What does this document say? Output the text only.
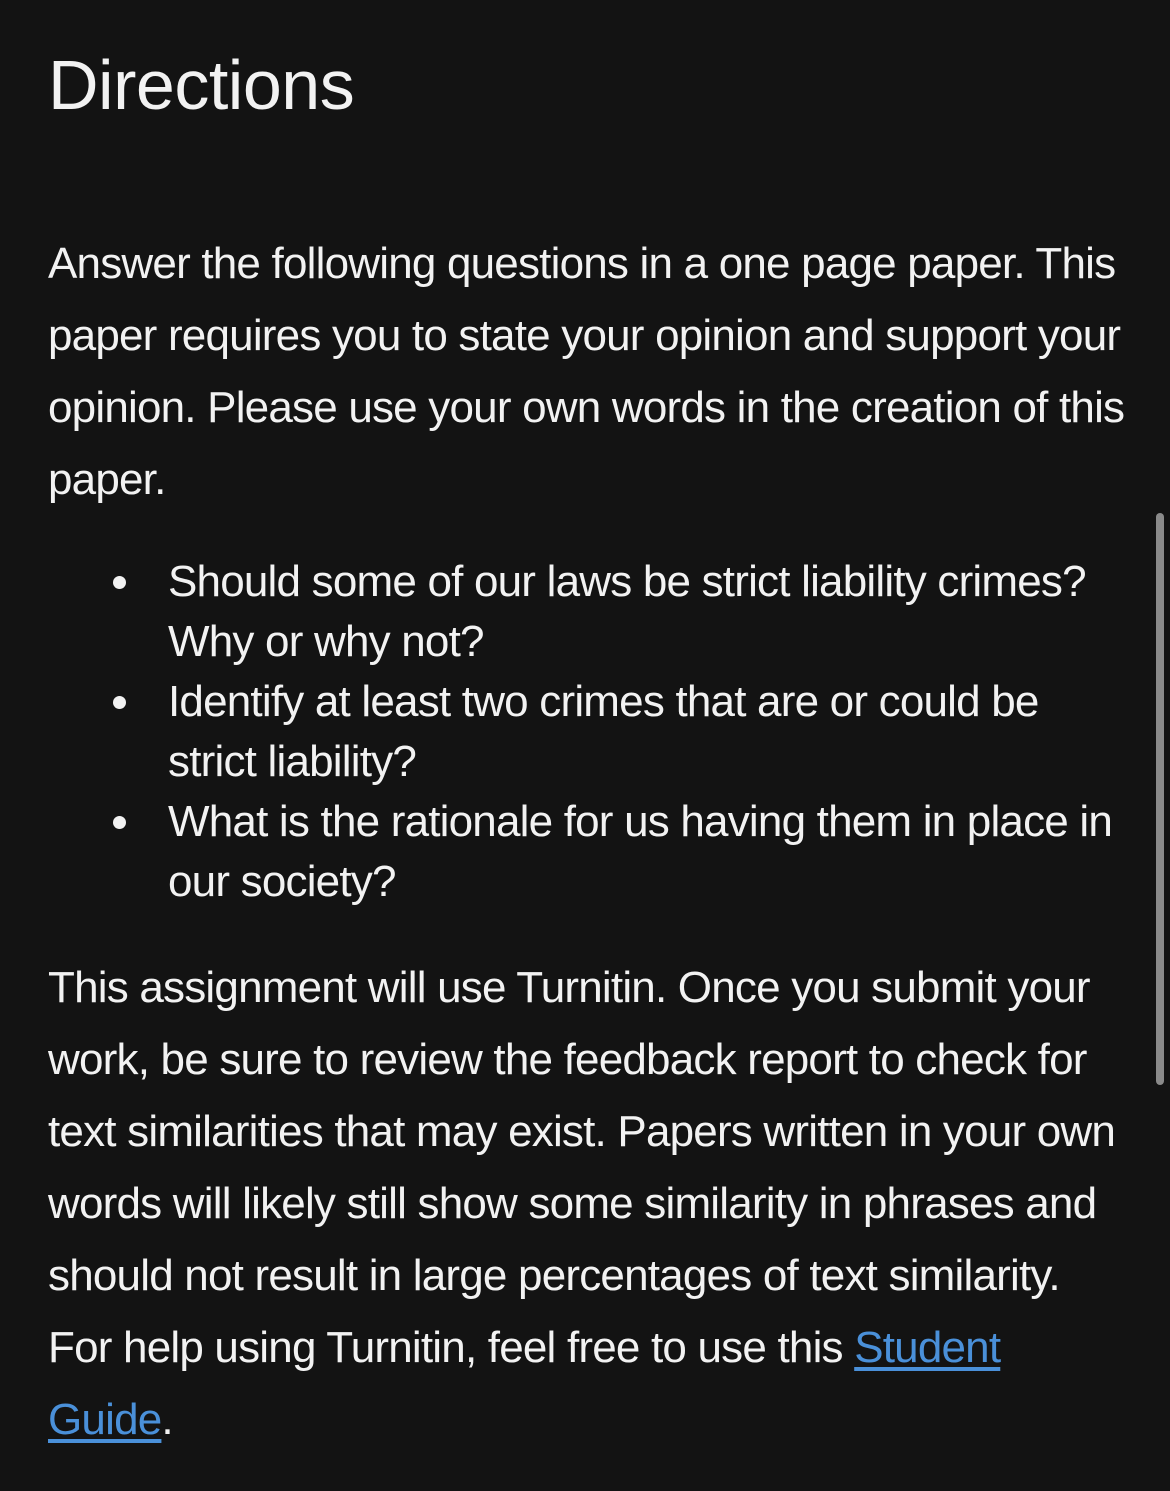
Directions

Answer the following questions in a one page paper. This paper requires you to state your opinion and support your opinion. Please use your own words in the creation of this paper.

Should some of our laws be strict liability crimes? Why or why not?
Identify at least two crimes that are or could be strict liability?
What is the rationale for us having them in place in our society?

This assignment will use Turnitin. Once you submit your work, be sure to review the feedback report to check for text similarities that may exist. Papers written in your own words will likely still show some similarity in phrases and should not result in large percentages of text similarity. For help using Turnitin, feel free to use this Student Guide.
